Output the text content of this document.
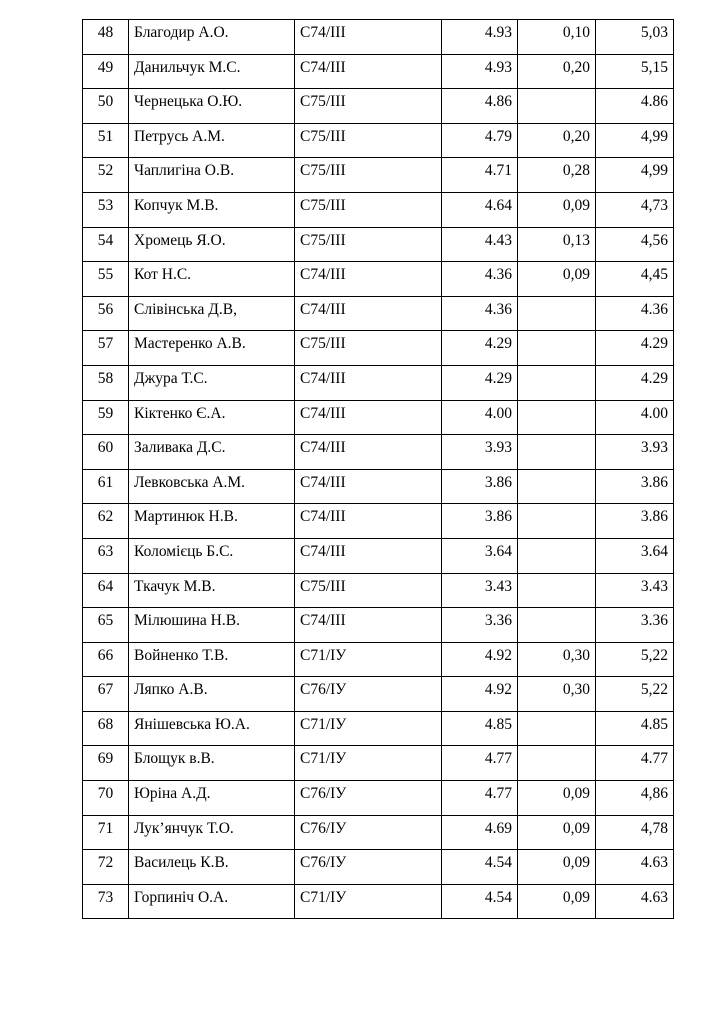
48	Благодир А.О.	С74/ІІІ	4.93	0,10	5,03
49	Данильчук М.С.	С74/ІІІ	4.93	0,20	5,15
50	Чернецька О.Ю.	С75/ІІІ	4.86		4.86
51	Петрусь А.М.	С75/ІІІ	4.79	0,20	4,99
52	Чаплигіна О.В.	С75/ІІІ	4.71	0,28	4,99
53	Копчук М.В.	С75/ІІІ	4.64	0,09	4,73
54	Хромець Я.О.	С75/ІІІ	4.43	0,13	4,56
55	Кот Н.С.	С74/ІІІ	4.36	0,09	4,45
56	Слівінська Д.В,	С74/ІІІ	4.36		4.36
57	Мастеренко А.В.	С75/ІІІ	4.29		4.29
58	Джура Т.С.	С74/ІІІ	4.29		4.29
59	Кіктенко Є.А.	С74/ІІІ	4.00		4.00
60	Заливака Д.С.	С74/ІІІ	3.93		3.93
61	Левковська А.М.	С74/ІІІ	3.86		3.86
62	Мартинюк Н.В.	С74/ІІІ	3.86		3.86
63	Коломієць Б.С.	С74/ІІІ	3.64		3.64
64	Ткачук М.В.	С75/ІІІ	3.43		3.43
65	Мілюшина Н.В.	С74/ІІІ	3.36		3.36
66	Войненко Т.В.	С71/ІУ	4.92	0,30	5,22
67	Ляпко А.В.	С76/ІУ	4.92	0,30	5,22
68	Янішевська Ю.А.	С71/ІУ	4.85		4.85
69	Блощук в.В.	С71/ІУ	4.77		4.77
70	Юріна А.Д.	С76/ІУ	4.77	0,09	4,86
71	Лук’янчук Т.О.	С76/ІУ	4.69	0,09	4,78
72	Василець К.В.	С76/ІУ	4.54	0,09	4.63
73	Горпиніч О.А.	С71/ІУ	4.54	0,09	4.63
